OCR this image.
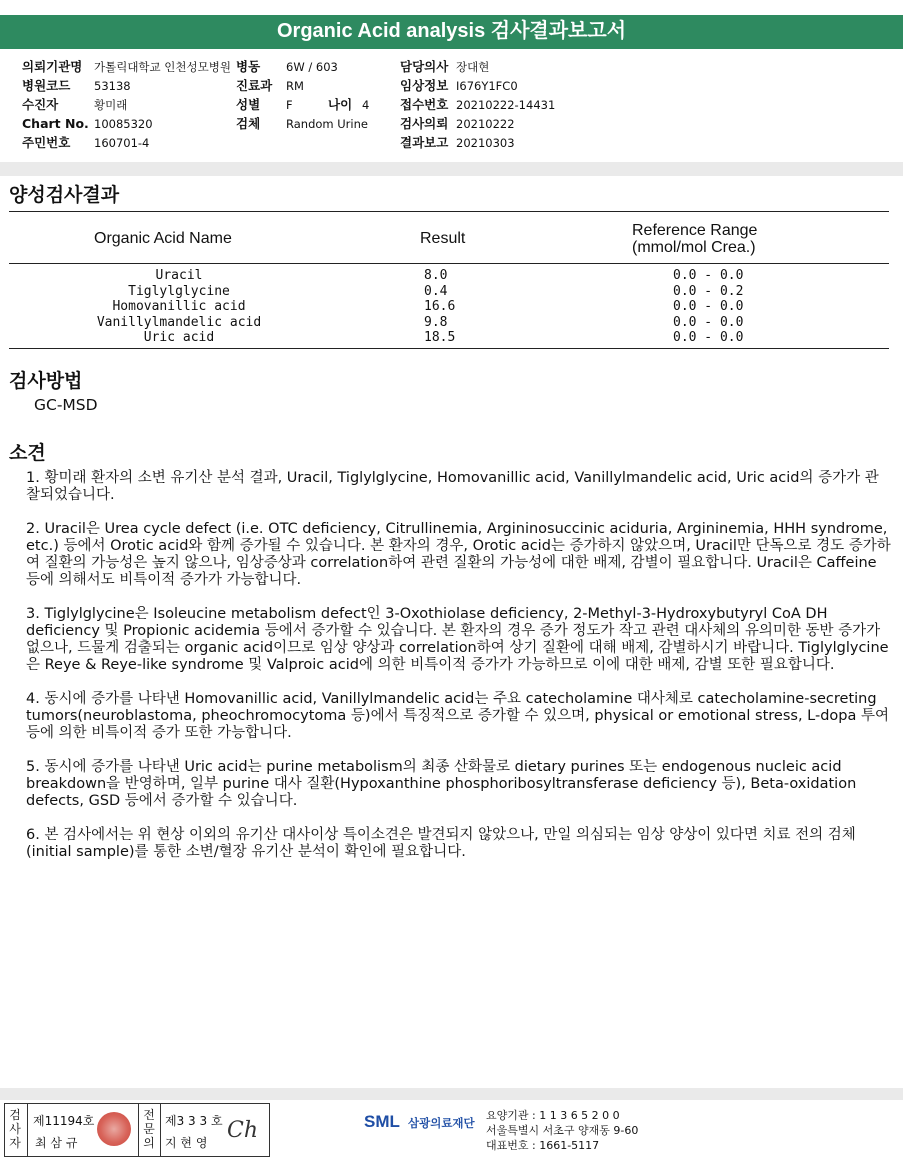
Organic Acid analysis 검사결과보고서
의뢰기관명 가톨릭대학교 인천성모병원
병원코드 53138
수진자	황미래
Chart No. 10085320
주민번호 160701-4
병동 6W / 603
진료과 RM
성별 F	나이 4
검체 Random Urine
담당의사 장대현
임상정보 I676Y1FC0
접수번호 20210222-14431
검사의뢰 20210222
결과보고 20210303
양성검사결과
Organic Acid Name	Result	Reference Range
(mmol/mol Crea.)
Uracil	8.0	0.0 - 0.0
Tiglylglycine	0.4	0.0 - 0.2
Homovanillic acid	16.6	0.0 - 0.0
Vanillylmandelic acid	9.8	0.0 - 0.0
Uric acid	18.5	0.0 - 0.0
검사방법
GC-MSD
소견

1. 황미래 환자의 소변 유기산 분석 결과, Uracil, Tiglylglycine, Homovanillic acid, Vanillylmandelic acid, Uric acid의 증가가 관찰되었습니다.

2. Uracil은 Urea cycle defect (i.e. OTC deficiency, Citrullinemia, Argininosuccinic aciduria, Argininemia, HHH syndrome, etc.) 등에서 Orotic acid와 함께 증가될 수 있습니다. 본 환자의 경우, Orotic acid는 증가하지 않았으며, Uracil만 단독으로 경도 증가하여 질환의 가능성은 높지 않으나, 임상증상과 correlation하여 관련 질환의 가능성에 대한 배제, 감별이 필요합니다. Uracil은 Caffeine 등에 의해서도 비특이적 증가가 가능합니다.

3. Tiglylglycine은 Isoleucine metabolism defect인 3-Oxothiolase deficiency, 2-Methyl-3-Hydroxybutyryl CoA DH deficiency 및 Propionic acidemia 등에서 증가할 수 있습니다. 본 환자의 경우 증가 정도가 작고 관련 대사체의 유의미한 동반 증가가 없으나, 드물게 검출되는 organic acid이므로 임상 양상과 correlation하여 상기 질환에 대해 배제, 감별하시기 바랍니다. Tiglylglycine은 Reye & Reye-like syndrome 및 Valproic acid에 의한 비특이적 증가가 가능하므로 이에 대한 배제, 감별 또한 필요합니다.

4. 동시에 증가를 나타낸 Homovanillic acid, Vanillylmandelic acid는 주요 catecholamine 대사체로 catecholamine-secreting tumors(neuroblastoma, pheochromocytoma 등)에서 특징적으로 증가할 수 있으며, physical or emotional stress, L-dopa 투여 등에 의한 비특이적 증가 또한 가능합니다.

5. 동시에 증가를 나타낸 Uric acid는 purine metabolism의 최종 산화물로 dietary purines 또는 endogenous nucleic acid breakdown을 반영하며, 일부 purine 대사 질환(Hypoxanthine phosphoribosyltransferase deficiency 등), Beta-oxidation defects, GSD 등에서 증가할 수 있습니다.

6. 본 검사에서는 위 현상 이외의 유기산 대사이상 특이소견은 발견되지 않았으나, 만일 의심되는 임상 양상이 있다면 치료 전의 검체 (initial sample)를 통한 소변/혈장 유기산 분석이 확인에 필요합니다.

검사자
제11194호
최 삼 규
전문의
제3 3 3 호
지 현 영 Ch	SML 삼광의료재단
요양기관 : 1 1 3 6 5 2 0 0
서울특별시 서초구 양재동 9-60
대표번호 : 1661-5117
